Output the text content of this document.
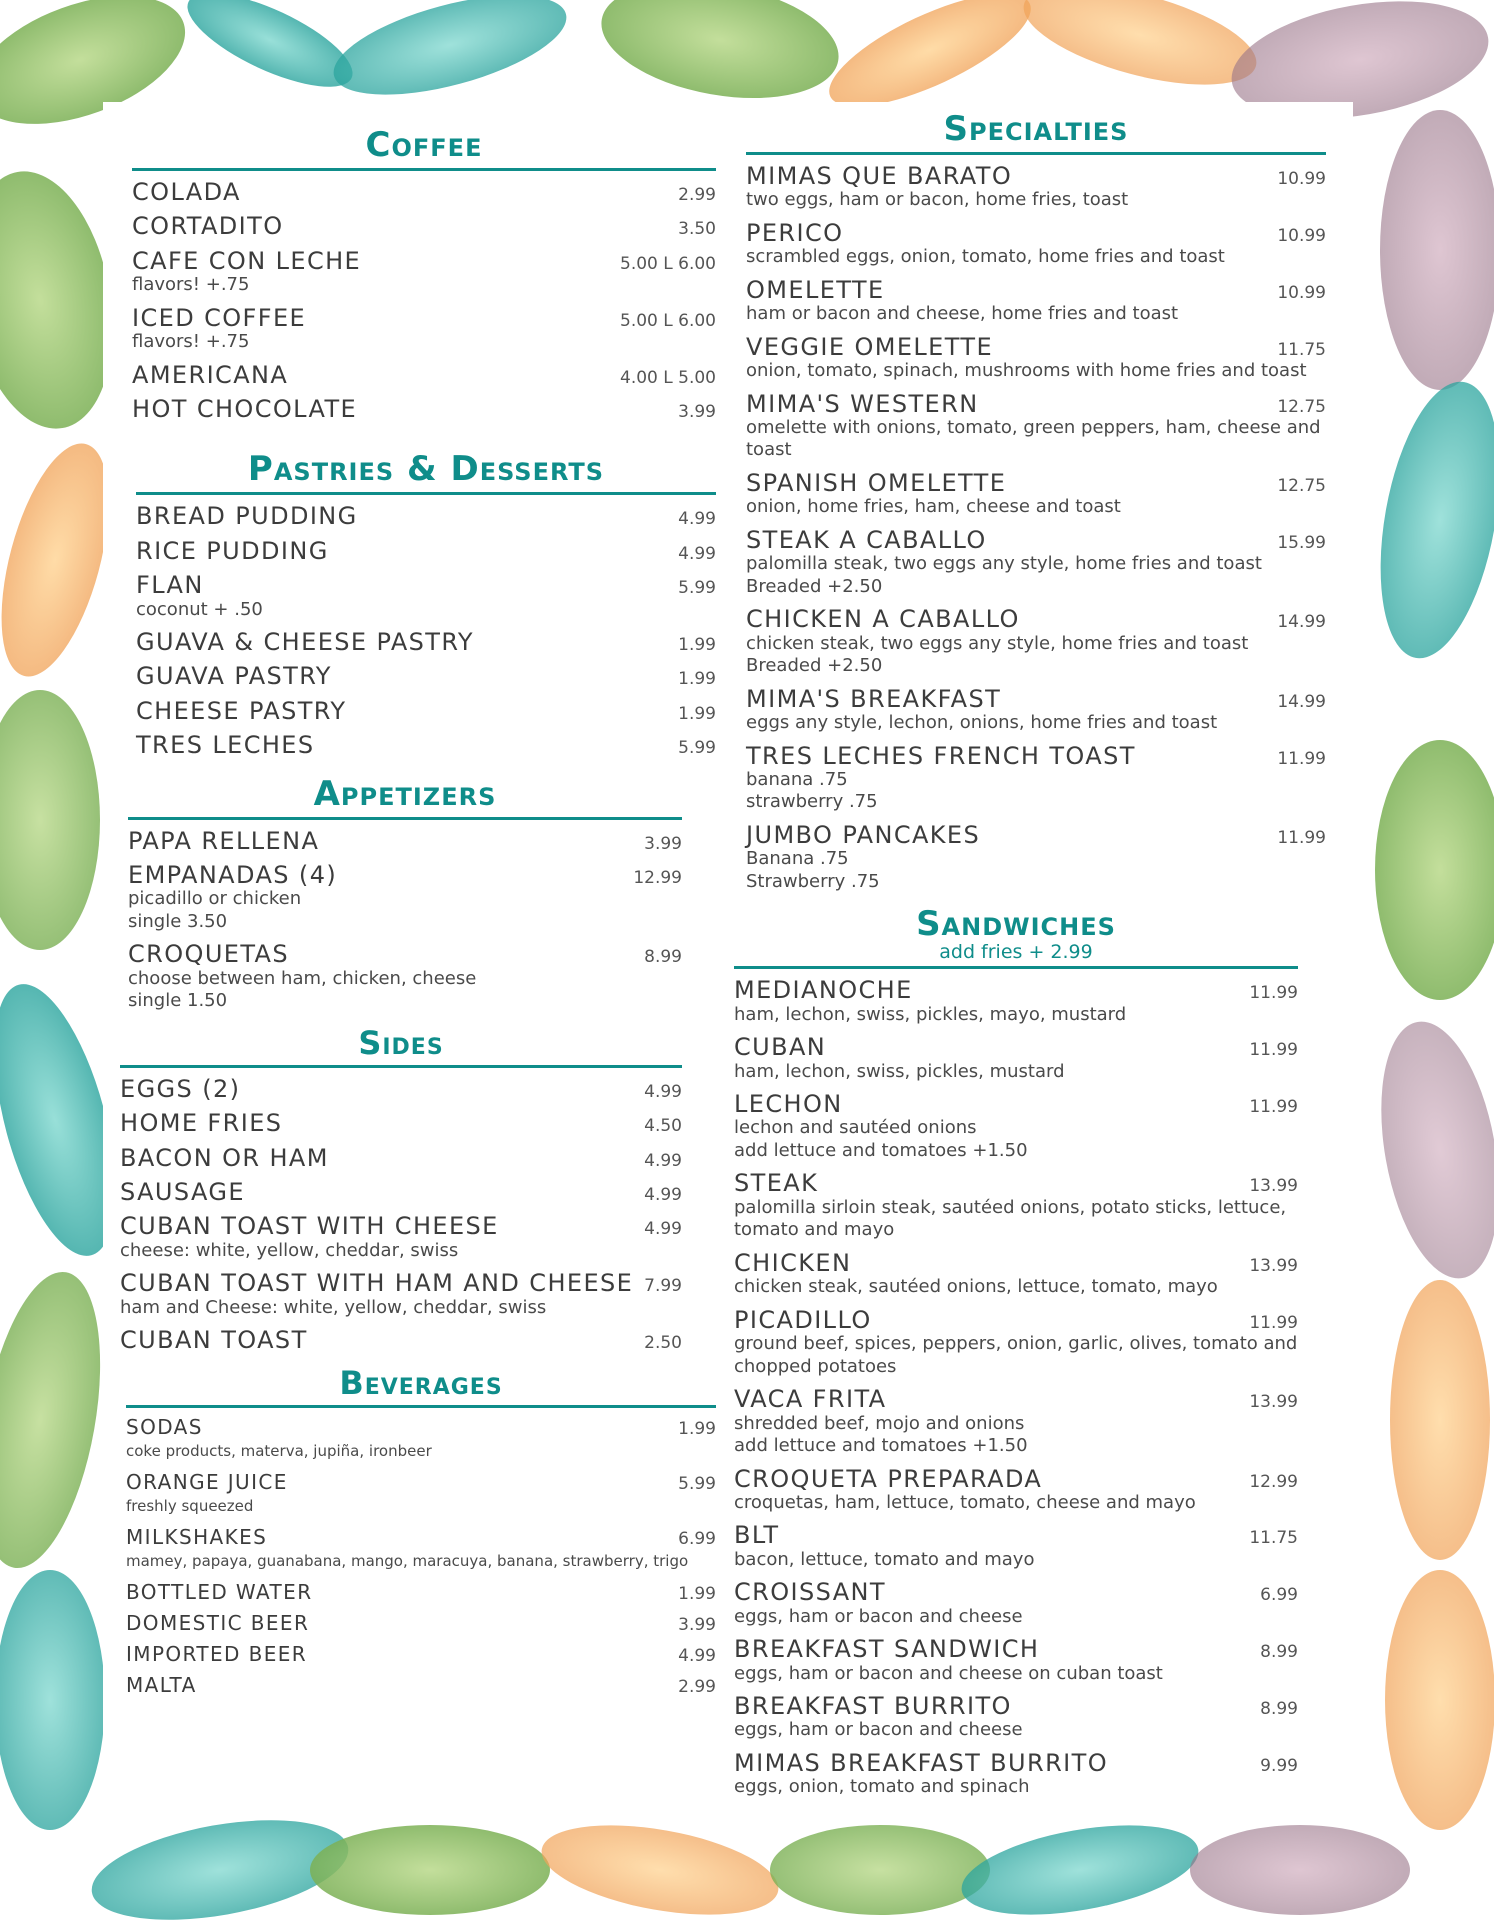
Coffee
COLADA	2.99
CORTADITO	3.50
CAFE CON LECHE	5.00 L 6.00
flavors! +.75
ICED COFFEE	5.00 L 6.00
flavors! +.75
AMERICANA	4.00 L 5.00
HOT CHOCOLATE	3.99
Pastries & Desserts
BREAD PUDDING	4.99
RICE PUDDING	4.99
FLAN	5.99
coconut + .50
GUAVA & CHEESE PASTRY	1.99
GUAVA PASTRY	1.99
CHEESE PASTRY	1.99
TRES LECHES	5.99
Appetizers
PAPA RELLENA	3.99
EMPANADAS (4)	12.99
picadillo or chicken
single 3.50
CROQUETAS	8.99
choose between ham, chicken, cheese
single 1.50
Sides
EGGS (2)	4.99
HOME FRIES	4.50
BACON OR HAM	4.99
SAUSAGE	4.99
CUBAN TOAST WITH CHEESE	4.99
cheese: white, yellow, cheddar, swiss
CUBAN TOAST WITH HAM AND CHEESE 7.99
ham and Cheese: white, yellow, cheddar, swiss
CUBAN TOAST	2.50
Beverages
SODAS	1.99
coke products, materva, jupiña, ironbeer
ORANGE JUICE	5.99
freshly squeezed
MILKSHAKES	6.99
mamey, papaya, guanabana, mango, maracuya, banana, strawberry, trigo
BOTTLED WATER	1.99
DOMESTIC BEER	3.99
IMPORTED BEER	4.99
MALTA	2.99
Specialties
MIMAS QUE BARATO	10.99
two eggs, ham or bacon, home fries, toast
PERICO	10.99
scrambled eggs, onion, tomato, home fries and toast
OMELETTE	10.99
ham or bacon and cheese, home fries and toast
VEGGIE OMELETTE	11.75
onion, tomato, spinach, mushrooms with home fries and toast
MIMA'S WESTERN	12.75
omelette with onions, tomato, green peppers, ham, cheese and toast
SPANISH OMELETTE	12.75
onion, home fries, ham, cheese and toast
STEAK A CABALLO	15.99
palomilla steak, two eggs any style, home fries and toast
Breaded +2.50
CHICKEN A CABALLO	14.99
chicken steak, two eggs any style, home fries and toast
Breaded +2.50
MIMA'S BREAKFAST	14.99
eggs any style, lechon, onions, home fries and toast
TRES LECHES FRENCH TOAST	11.99
banana .75
strawberry .75
JUMBO PANCAKES	11.99
Banana .75
Strawberry .75
Sandwiches
add fries + 2.99
MEDIANOCHE	11.99
ham, lechon, swiss, pickles, mayo, mustard
CUBAN	11.99
ham, lechon, swiss, pickles, mustard
LECHON	11.99
lechon and sautéed onions
add lettuce and tomatoes +1.50
STEAK	13.99
palomilla sirloin steak, sautéed onions, potato sticks, lettuce, tomato and mayo
CHICKEN	13.99
chicken steak, sautéed onions, lettuce, tomato, mayo
PICADILLO	11.99
ground beef, spices, peppers, onion, garlic, olives, tomato and chopped potatoes
VACA FRITA	13.99
shredded beef, mojo and onions
add lettuce and tomatoes +1.50
CROQUETA PREPARADA	12.99
croquetas, ham, lettuce, tomato, cheese and mayo
BLT	11.75
bacon, lettuce, tomato and mayo
CROISSANT	6.99
eggs, ham or bacon and cheese
BREAKFAST SANDWICH	8.99
eggs, ham or bacon and cheese on cuban toast
BREAKFAST BURRITO	8.99
eggs, ham or bacon and cheese
MIMAS BREAKFAST BURRITO	9.99
eggs, onion, tomato and spinach
